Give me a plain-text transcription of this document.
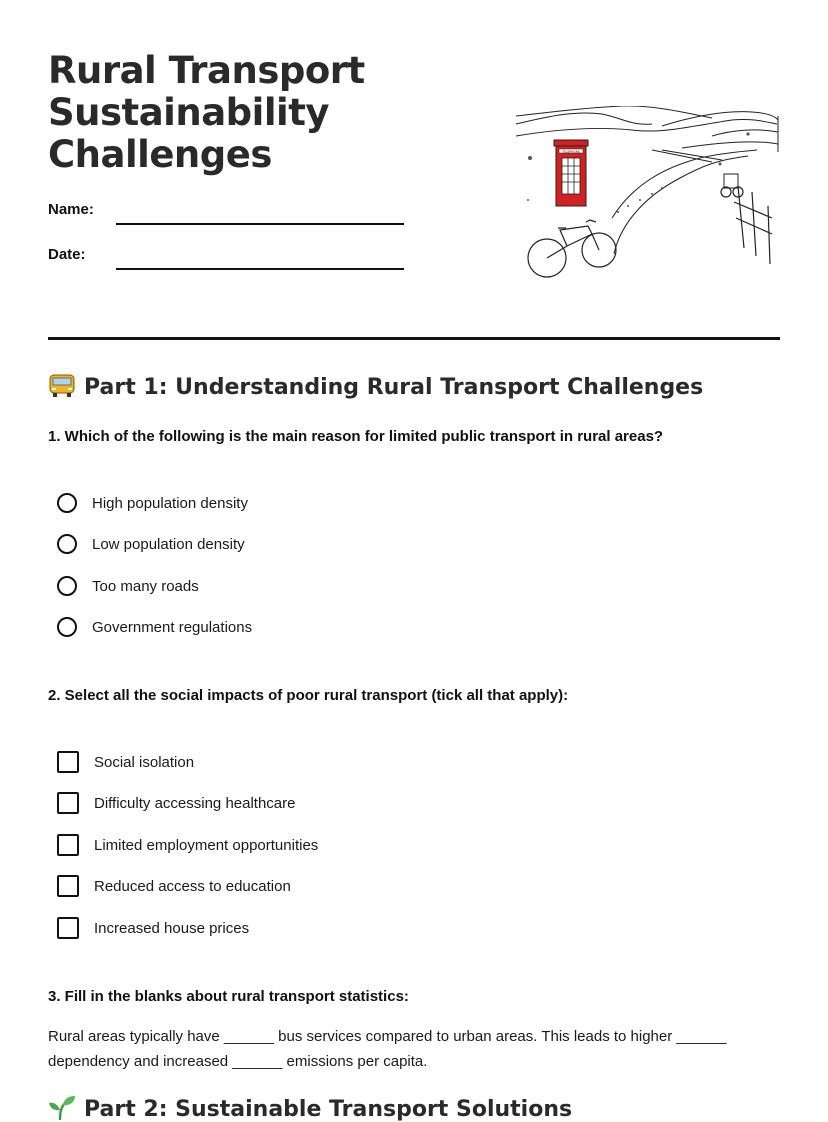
Rural Transport
Sustainability
Challenges
Name:
Date:
TELEPHONE
Part 1: Understanding Rural Transport Challenges
1. Which of the following is the main reason for limited public transport in rural areas?
High population density
Low population density
Too many roads
Government regulations
2. Select all the social impacts of poor rural transport (tick all that apply):
Social isolation
Difficulty accessing healthcare
Limited employment opportunities
Reduced access to education
Increased house prices
3. Fill in the blanks about rural transport statistics:
Rural areas typically have ______ bus services compared to urban areas. This leads to higher ______ dependency and increased ______ emissions per capita.
Part 2: Sustainable Transport Solutions
